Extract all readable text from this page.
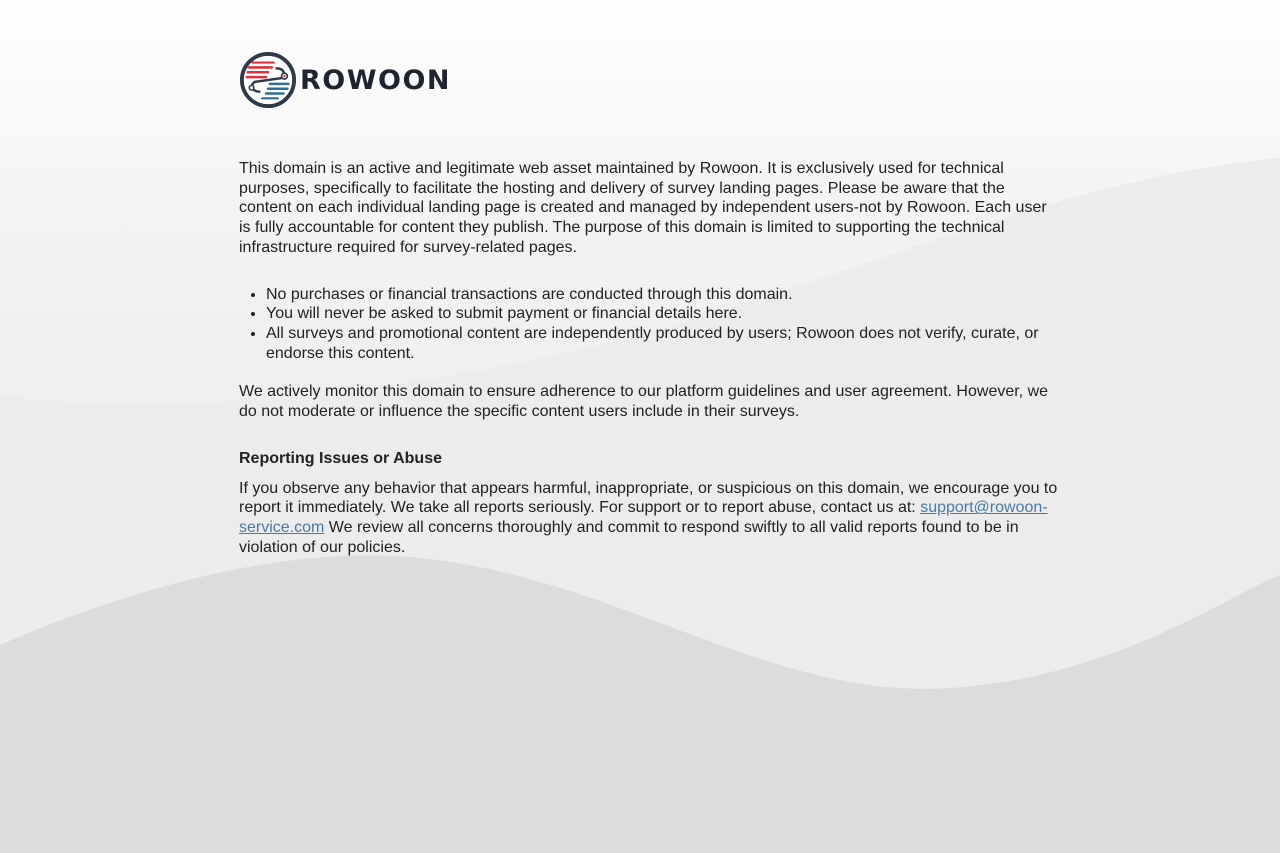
ROWOON

This domain is an active and legitimate web asset maintained by Rowoon. It is exclusively used for technical purposes, specifically to facilitate the hosting and delivery of survey landing pages. Please be aware that the content on each individual landing page is created and managed by independent users-not by Rowoon. Each user is fully accountable for content they publish. The purpose of this domain is limited to supporting the technical infrastructure required for survey-related pages.

• No purchases or financial transactions are conducted through this domain.
• You will never be asked to submit payment or financial details here.
• All surveys and promotional content are independently produced by users; Rowoon does not verify, curate, or endorse this content.

We actively monitor this domain to ensure adherence to our platform guidelines and user agreement. However, we do not moderate or influence the specific content users include in their surveys.

Reporting Issues or Abuse

If you observe any behavior that appears harmful, inappropriate, or suspicious on this domain, we encourage you to report it immediately. We take all reports seriously. For support or to report abuse, contact us at: support@rowoon-service.com We review all concerns thoroughly and commit to respond swiftly to all valid reports found to be in violation of our policies.
